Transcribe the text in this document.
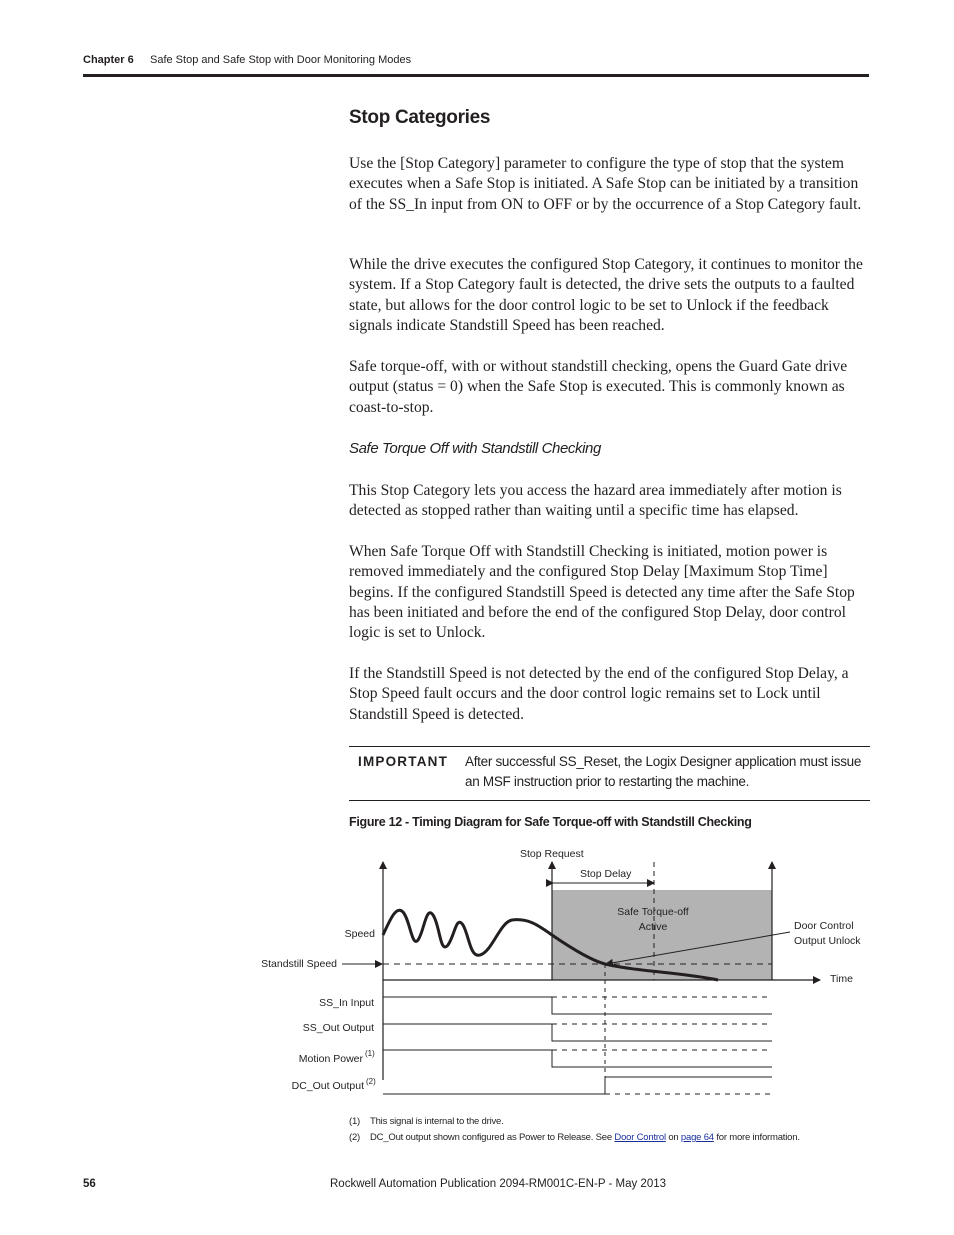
Chapter 6 Safe Stop and Safe Stop with Door Monitoring Modes
Stop Categories

Use the [Stop Category] parameter to configure the type of stop that the system executes when a Safe Stop is initiated. A Safe Stop can be initiated by a transition of the SS_In input from ON to OFF or by the occurrence of a Stop Category fault.

While the drive executes the configured Stop Category, it continues to monitor the system. If a Stop Category fault is detected, the drive sets the outputs to a faulted state, but allows for the door control logic to be set to Unlock if the feedback signals indicate Standstill Speed has been reached.

Safe torque-off, with or without standstill checking, opens the Guard Gate drive output (status = 0) when the Safe Stop is executed. This is commonly known as coast-to-stop.

Safe Torque Off with Standstill Checking

This Stop Category lets you access the hazard area immediately after motion is detected as stopped rather than waiting until a specific time has elapsed.

When Safe Torque Off with Standstill Checking is initiated, motion power is removed immediately and the configured Stop Delay [Maximum Stop Time] begins. If the configured Standstill Speed is detected any time after the Safe Stop has been initiated and before the end of the configured Stop Delay, door control logic is set to Unlock.

If the Standstill Speed is not detected by the end of the configured Stop Delay, a Stop Speed fault occurs and the door control logic remains set to Lock until Standstill Speed is detected.

IMPORTANT After successful SS_Reset, the Logix Designer application must issue an MSF instruction prior to restarting the machine.
Figure 12 - Timing Diagram for Safe Torque-off with Standstill Checking
Stop Request
Stop Delay
Safe Torque-off
Active	Door Control
Output Unlock
Speed
Standstill Speed
Time
SS_In Input
SS_Out Output
Motion Power (1)
DC_Out Output (2)
(1) This signal is internal to the drive.
(2) DC_Out output shown configured as Power to Release. See Door Control on page 64 for more information.
56	Rockwell Automation Publication 2094-RM001C-EN-P - May 2013
